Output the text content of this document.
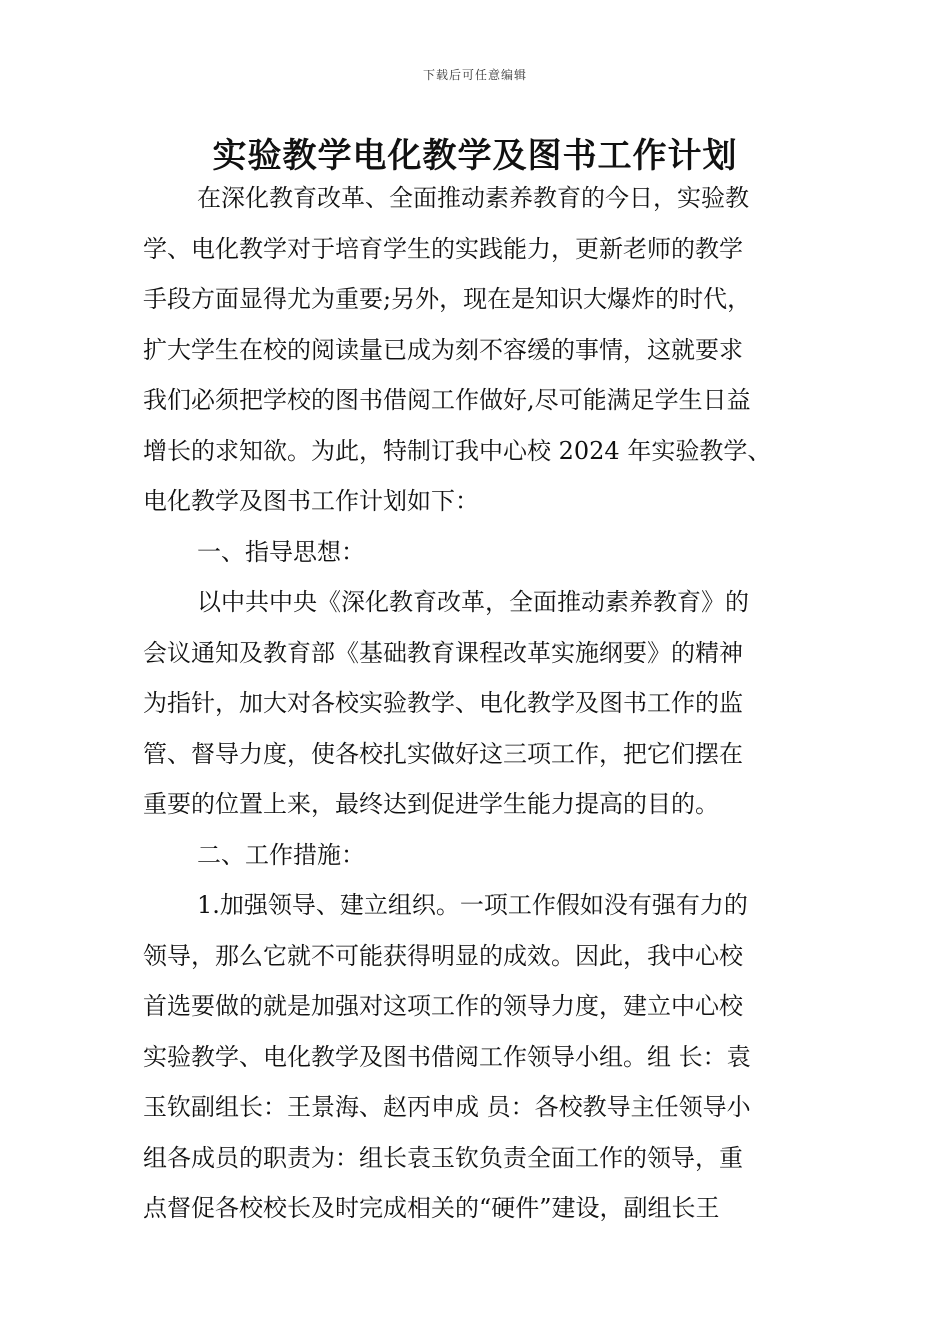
下载后可任意编辑
实验教学电化教学及图书工作计划
在深化教育改革、全面推动素养教育的今日，实验教
学、电化教学对于培育学生的实践能力，更新老师的教学
手段方面显得尤为重要;另外，现在是知识大爆炸的时代，
扩大学生在校的阅读量已成为刻不容缓的事情，这就要求
我们必须把学校的图书借阅工作做好,尽可能满足学生日益
增长的求知欲。为此，特制订我中心校 2024 年实验教学、
电化教学及图书工作计划如下：
一、指导思想：
以中共中央《深化教育改革，全面推动素养教育》的
会议通知及教育部《基础教育课程改革实施纲要》的精神
为指针，加大对各校实验教学、电化教学及图书工作的监
管、督导力度，使各校扎实做好这三项工作，把它们摆在
重要的位置上来，最终达到促进学生能力提高的目的。
二、工作措施：
1.加强领导、建立组织。一项工作假如没有强有力的
领导，那么它就不可能获得明显的成效。因此，我中心校
首选要做的就是加强对这项工作的领导力度，建立中心校
实验教学、电化教学及图书借阅工作领导小组。组 长：袁
玉钦副组长：王景海、赵丙申成 员：各校教导主任领导小
组各成员的职责为：组长袁玉钦负责全面工作的领导，重
点督促各校校长及时完成相关的“硬件”建设，副组长王
